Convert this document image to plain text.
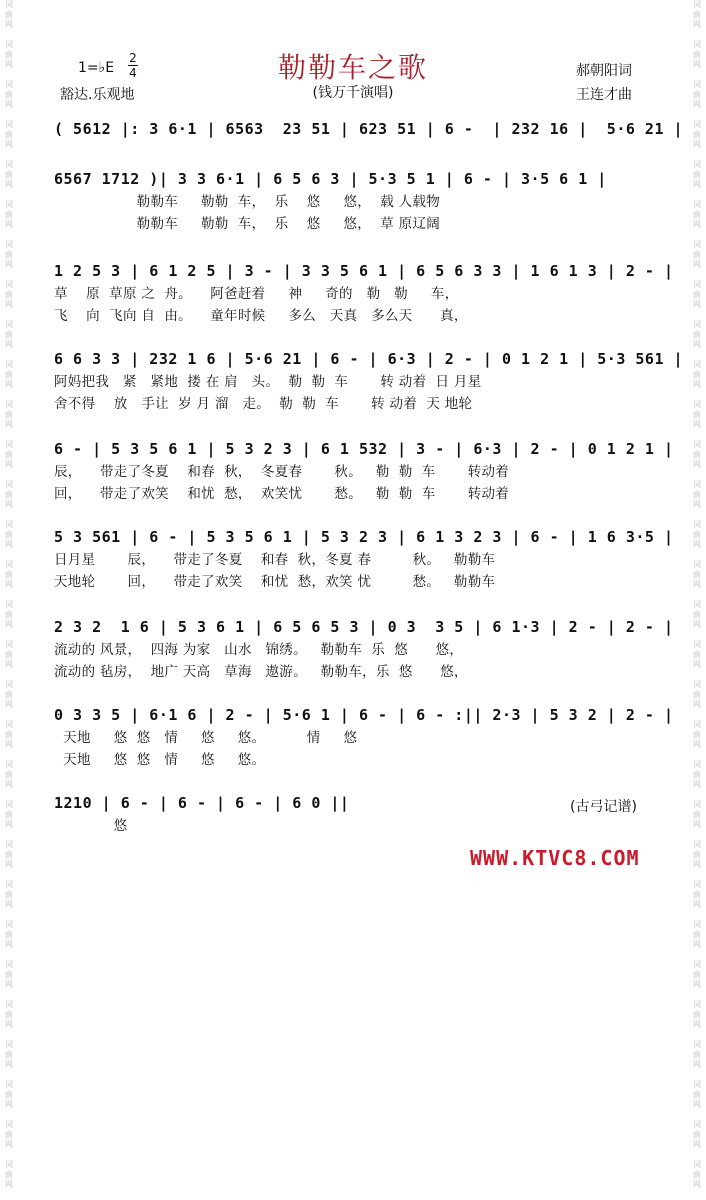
词
曲
网

词
曲
网

词
曲
网

词
曲
网

词
曲
网

词
曲
网

词
曲
网

词
曲
网

词
曲
网

词
曲
网

词
曲
网

词
曲
网

词
曲
网

词
曲
网

词
曲
网

词
曲
网

词
曲
网

词
曲
网

词
曲
网

词
曲
网

词
曲
网

词
曲
网

词
曲
网

词
曲
网

词
曲
网

词
曲
网

词
曲
网

词
曲
网

词
曲
网

词
曲
网

词
曲
网

词
曲
网

词
曲
网

词
曲
网

词
曲
网

词
曲
网

词
曲
网

词
曲
网

词
曲
网

词
曲
网

词
曲
网

词
曲
网

词
曲
网

词
曲
网

词
曲
网

词
曲
网

词
曲
网

词
曲
网

词
曲
网

词
曲
网

词
曲
网

词
曲
网

词
曲
网

词
曲
网

词
曲
网

词
曲
网

词
曲
网

词
曲
网

词
曲
网

词
曲
网

勒勒车之歌
(钱万千演唱)
1=♭E
2
4
豁达.乐观地
郝朝阳词
王连才曲
( 5612 |: 3 6·1 | 6563  23 51 | 623 51 | 6 -  | 232 16 |  5·6 21 |
6567 1712 )| 3 3 6·1 | 6 5 6 3 | 5·3 5 1 | 6 - | 3·5 6 1 |
勒勒车     勒勒  车，  乐    悠     悠，  载 人载物
勒勒车     勒勒  车，  乐    悠     悠，  草 原辽阔
1 2 5 3 | 6 1 2 5 | 3 - | 3 3 5 6 1 | 6 5 6 3 3 | 1 6 1 3 | 2 - |
草    原  草原 之  舟。    阿爸赶着     神     奇的   勒   勒     车，
飞    向  飞向 自  由。    童年时候     多么   天真   多么天      真，
6 6 3 3 | 232 1 6 | 5·6 21 | 6 - | 6·3 | 2 - | 0 1 2 1 | 5·3 561 |
阿妈把我   紧   紧地  搂 在 肩   头。  勒  勒  车       转 动着  日 月星
舍不得    放   手让  岁 月 溜   走。  勒  勒  车       转 动着  天 地轮
6 - | 5 3 5 6 1 | 5 3 2 3 | 6 1 532 | 3 - | 6·3 | 2 - | 0 1 2 1 |
辰，    带走了冬夏    和春  秋，  冬夏春       秋。   勒  勒  车       转动着
回，    带走了欢笑    和忧  愁，  欢笑忧       愁。   勒  勒  车       转动着
5 3 561 | 6 - | 5 3 5 6 1 | 5 3 2 3 | 6 1 3 2 3 | 6 - | 1 6 3·5 |
日月星       辰，    带走了冬夏    和春  秋，冬夏 春         秋。   勒勒车
天地轮       回，    带走了欢笑    和忧  愁，欢笑 忧         愁。   勒勒车
2 3 2  1 6 | 5 3 6 1 | 6 5 6 5 3 | 0 3  3 5 | 6 1·3 | 2 - | 2 - |
流动的 风景，  四海 为家   山水   锦绣。   勒勒车  乐  悠      悠，
流动的 毡房，  地广 天高   草海   遨游。   勒勒车，乐  悠      悠，
0 3 3 5 | 6·1 6 | 2 - | 5·6 1 | 6 - | 6 - :|| 2·3 | 5 3 2 | 2 - |
天地     悠  悠   情     悠     悠。         情     悠
天地     悠  悠   情     悠     悠。
1210 | 6 - | 6 - | 6 - | 6 0 ||
悠
(古弓记谱)
WWW.KTVC8.COM
